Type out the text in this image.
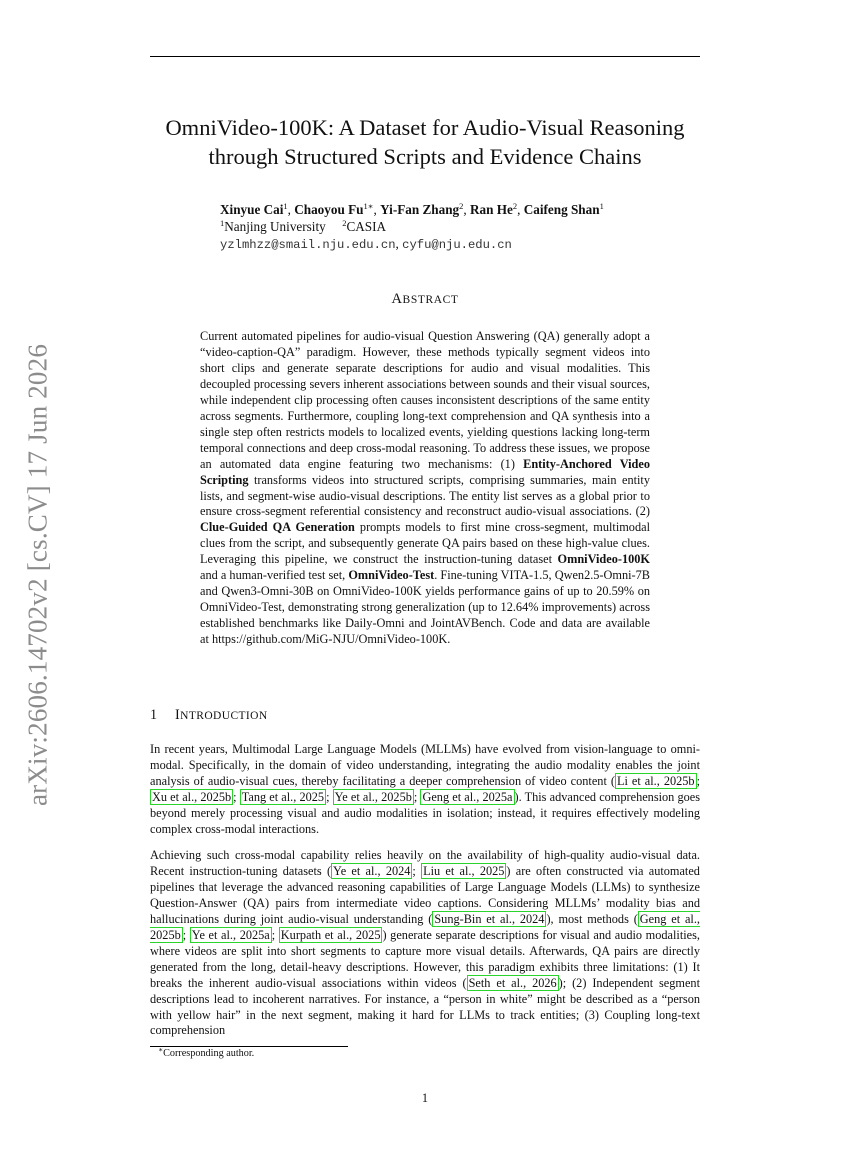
arXiv:2606.14702v2 [cs.CV] 17 Jun 2026
OmniVideo-100K: A Dataset for Audio-Visual Reasoning through Structured Scripts and Evidence Chains
Xinyue Cai$^1$, Chaoyou $Fu^{1∗}$, Yi-Fan Zhang$^2$, Ran He$^2$, Caifeng Shan$^1$
$^1$Nanjing University $^2$CASIA
yzlmhzz@smail.nju.edu.cn, cyfu@nju.edu.cn
ABSTRACT

Current automated pipelines for audio-visual Question Answering (QA) generally adopt a “video-caption-QA” paradigm. However, these methods typically segment videos into short clips and generate separate descriptions for audio and visual modalities. This decoupled processing severs inherent associations between sounds and their visual sources, while independent clip processing often causes inconsistent descriptions of the same entity across segments. Furthermore, coupling long-text comprehension and QA synthesis into a single step often restricts models to localized events, yielding questions lacking long-term temporal connections and deep cross-modal reasoning. To address these issues, we propose an automated data engine featuring two mechanisms: (1) Entity-Anchored Video Scripting transforms videos into structured scripts, comprising summaries, main entity lists, and segment-wise audio-visual descriptions. The entity list serves as a global prior to ensure cross-segment referential consistency and reconstruct audio-visual associations. (2) Clue-Guided QA Generation prompts models to first mine cross-segment, multimodal clues from the script, and subsequently generate QA pairs based on these high-value clues. Leveraging this pipeline, we construct the instruction-tuning dataset OmniVideo-100K and a human-verified test set, OmniVideo-Test. Fine-tuning VITA-1.5, Qwen2.5-Omni-7B and Qwen3-Omni-30B on OmniVideo-100K yields performance gains of up to 20.59% on OmniVideo-Test, demonstrating strong generalization (up to 12.64% improvements) across established benchmarks like Daily-Omni and JointAVBench. Code and data are available at https://github.com/MiG-NJU/OmniVideo-100K.

1 INTRODUCTION

In recent years, Multimodal Large Language Models (MLLMs) have evolved from vision-language to omni-modal. Specifically, in the domain of video understanding, integrating the audio modality enables the joint analysis of audio-visual cues, thereby facilitating a deeper comprehension of video content ( Li et al., 2025b ; Xu et al., 2025b ; Tang et al., 2025 ; Ye et al., 2025b ; Geng et al., 2025a ). This advanced comprehension goes beyond merely processing visual and audio modalities in isolation; instead, it requires effectively modeling complex cross-modal interactions.

Achieving such cross-modal capability relies heavily on the availability of high-quality audio-visual data. Recent instruction-tuning datasets ( Ye et al., 2024 ; Liu et al., 2025 ) are often constructed via automated pipelines that leverage the advanced reasoning capabilities of Large Language Models (LLMs) to synthesize Question-Answer (QA) pairs from intermediate video captions. Considering MLLMs’ modality bias and hallucinations during joint audio-visual understanding ( Sung-Bin et al., 2024 ), most methods ( Geng et al., 2025b ; Ye et al., 2025a ; Kurpath et al., 2025 ) generate separate descriptions for visual and audio modalities, where videos are split into short segments to capture more visual details. Afterwards, QA pairs are directly generated from the long, detail-heavy descriptions. However, this paradigm exhibits three limitations: (1) It breaks the inherent audio-visual associations within videos ( Seth et al., 2026 ); (2) Independent segment descriptions lead to incoherent narratives. For instance, a “person in white” might be described as a “person with yellow hair” in the next segment, making it hard for LLMs to track entities; (3) Coupling long-text comprehension

∗Corresponding author.
1
